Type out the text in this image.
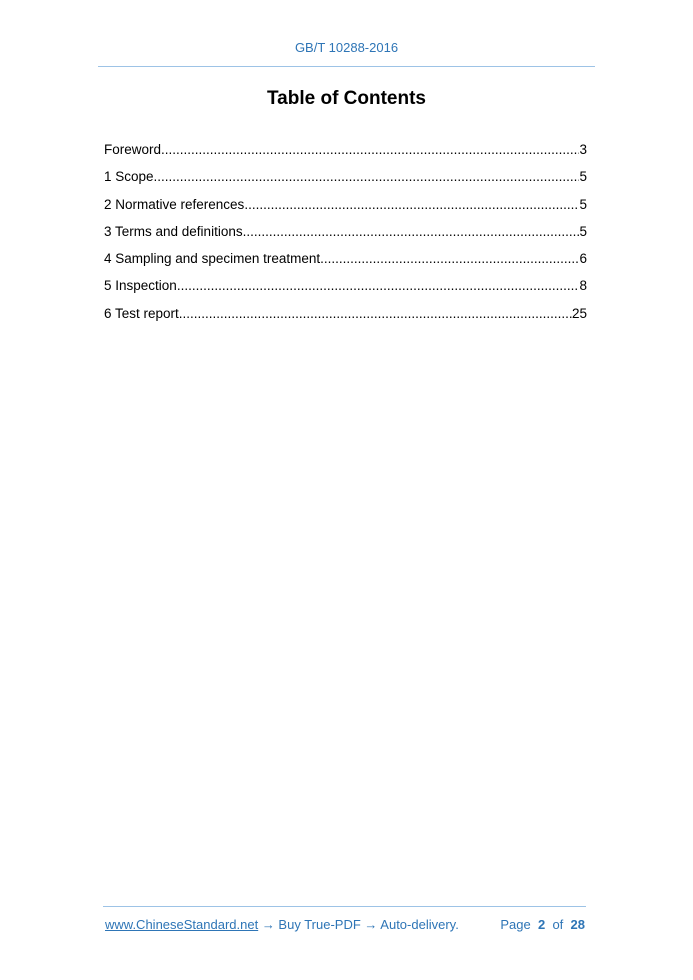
GB/T 10288-2016
Table of Contents
Foreword .....	3
1 Scope .....	5
2 Normative references .....	5
3 Terms and definitions .....	5
4 Sampling and specimen treatment .....	6
5 Inspection .....	8
6 Test report .....	25
www.ChineseStandard.net → Buy True-PDF → Auto-delivery.	Page 2 of 28
